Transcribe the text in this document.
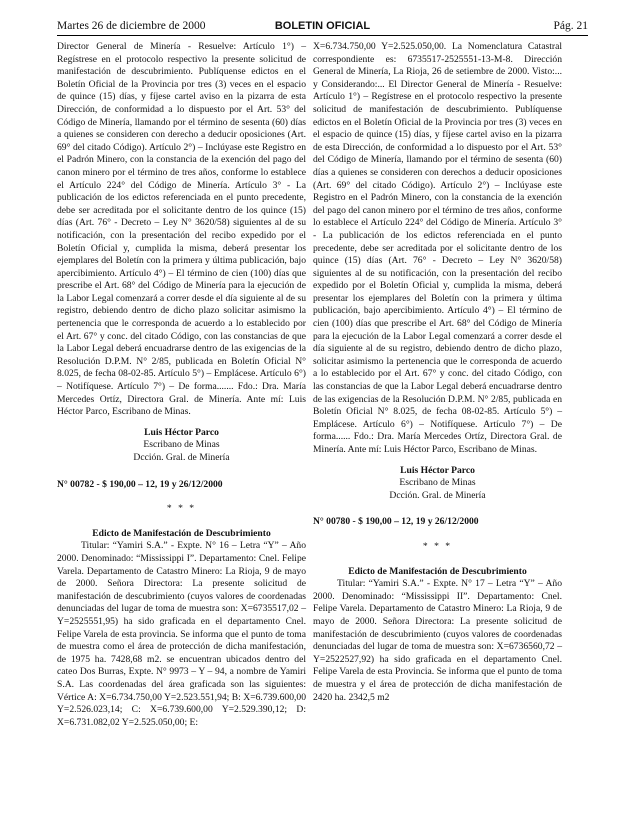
Martes 26 de diciembre de 2000	BOLETIN OFICIAL	Pág. 21

Director General de Minería - Resuelve: Artículo 1°) – Regístrese en el protocolo respectivo la presente solicitud de manifestación de descubrimiento. Publíquense edictos en el Boletín Oficial de la Provincia por tres (3) veces en el espacio de quince (15) días, y fíjese cartel aviso en la pizarra de esta Dirección, de conformidad a lo dispuesto por el Art. 53° del Código de Minería, llamando por el término de sesenta (60) días a quienes se consideren con derecho a deducir oposiciones (Art. 69° del citado Código). Artículo 2°) – Inclúyase este Registro en el Padrón Minero, con la constancia de la exención del pago del canon minero por el término de tres años, conforme lo establece el Artículo 224° del Código de Minería. Artículo 3° - La publicación de los edictos referenciada en el punto precedente, debe ser acreditada por el solicitante dentro de los quince (15) días (Art. 76° - Decreto – Ley N° 3620/58) siguientes al de su notificación, con la presentación del recibo expedido por el Boletín Oficial y, cumplida la misma, deberá presentar los ejemplares del Boletín con la primera y última publicación, bajo apercibimiento. Artículo 4°) – El término de cien (100) días que prescribe el Art. 68° del Código de Minería para la ejecución de la Labor Legal comenzará a correr desde el día siguiente al de su registro, debiendo dentro de dicho plazo solicitar asimismo la pertenencia que le corresponda de acuerdo a lo establecido por el Art. 67° y conc. del citado Código, con las constancias de que la Labor Legal deberá encuadrarse dentro de las exigencias de la Resolución D.P.M. N° 2/85, publicada en Boletín Oficial N° 8.025, de fecha 08-02-85. Artículo 5°) – Emplácese. Artículo 6°) – Notifíquese. Artículo 7°) – De forma....... Fdo.: Dra. María Mercedes Ortíz, Directora Gral. de Minería. Ante mí: Luis Héctor Parco, Escribano de Minas.

Luis Héctor Parco
Escribano de Minas
Dcción. Gral. de Minería
N° 00782 - $ 190,00 – 12, 19 y 26/12/2000
* * *
Edicto de Manifestación de Descubrimiento

Titular: “Yamiri S.A.” - Expte. N° 16 – Letra “Y” – Año 2000. Denominado: “Mississippi I”. Departamento: Cnel. Felipe Varela. Departamento de Catastro Minero: La Rioja, 9 de mayo de 2000. Señora Directora: La presente solicitud de manifestación de descubrimiento (cuyos valores de coordenadas denunciadas del lugar de toma de muestra son: X=6735517,02 – Y=2525551,95) ha sido graficada en el departamento Cnel. Felipe Varela de esta provincia. Se informa que el punto de toma de muestra como el área de protección de dicha manifestación, de 1975 ha. 7428,68 m2. se encuentran ubicados dentro del cateo Dos Burras, Expte. N° 9973 – Y – 94, a nombre de Yamiri S.A. Las coordenadas del área graficada son las siguientes: Vértice A: X=6.734.750,00 Y=2.523.551,94; B: X=6.739.600,00 Y=2.526.023,14; C: X=6.739.600,00 Y=2.529.390,12; D: X=6.731.082,02 Y=2.525.050,00; E:

X=6.734.750,00 Y=2.525.050,00. La Nomenclatura Catastral correspondiente es: 6735517-2525551-13-M-8. Dirección General de Minería, La Rioja, 26 de setiembre de 2000. Visto:... y Considerando:... El Director General de Minería - Resuelve: Artículo 1°) – Regístrese en el protocolo respectivo la presente solicitud de manifestación de descubrimiento. Publíquense edictos en el Boletín Oficial de la Provincia por tres (3) veces en el espacio de quince (15) días, y fíjese cartel aviso en la pizarra de esta Dirección, de conformidad a lo dispuesto por el Art. 53° del Código de Minería, llamando por el término de sesenta (60) días a quienes se consideren con derechos a deducir oposiciones (Art. 69° del citado Código). Artículo 2°) – Inclúyase este Registro en el Padrón Minero, con la constancia de la exención del pago del canon minero por el término de tres años, conforme lo establece el Artículo 224° del Código de Minería. Artículo 3° - La publicación de los edictos referenciada en el punto precedente, debe ser acreditada por el solicitante dentro de los quince (15) días (Art. 76° - Decreto – Ley N° 3620/58) siguientes al de su notificación, con la presentación del recibo expedido por el Boletín Oficial y, cumplida la misma, deberá presentar los ejemplares del Boletín con la primera y última publicación, bajo apercibimiento. Artículo 4°) – El término de cien (100) días que prescribe el Art. 68° del Código de Minería para la ejecución de la Labor Legal comenzará a correr desde el día siguiente al de su registro, debiendo dentro de dicho plazo, solicitar asimismo la pertenencia que le corresponda de acuerdo a lo establecido por el Art. 67° y conc. del citado Código, con las constancias de que la Labor Legal deberá encuadrarse dentro de las exigencias de la Resolución D.P.M. N° 2/85, publicada en Boletín Oficial N° 8.025, de fecha 08-02-85. Artículo 5°) – Emplácese. Artículo 6°) – Notifíquese. Artículo 7°) – De forma...... Fdo.: Dra. María Mercedes Ortíz, Directora Gral. de Minería. Ante mí: Luis Héctor Parco, Escribano de Minas.

Luis Héctor Parco
Escribano de Minas
Dcción. Gral. de Minería
N° 00780 - $ 190,00 – 12, 19 y 26/12/2000
* * *
Edicto de Manifestación de Descubrimiento

Titular: “Yamiri S.A.” - Expte. N° 17 – Letra “Y” – Año 2000. Denominado: “Mississippi II”. Departamento: Cnel. Felipe Varela. Departamento de Catastro Minero: La Rioja, 9 de mayo de 2000. Señora Directora: La presente solicitud de manifestación de descubrimiento (cuyos valores de coordenadas denunciadas del lugar de toma de muestra son: X=6736560,72 – Y=2522527,92) ha sido graficada en el departamento Cnel. Felipe Varela de esta Provincia. Se informa que el punto de toma de muestra y el área de protección de dicha manifestación de 2420 ha. 2342,5 m2
